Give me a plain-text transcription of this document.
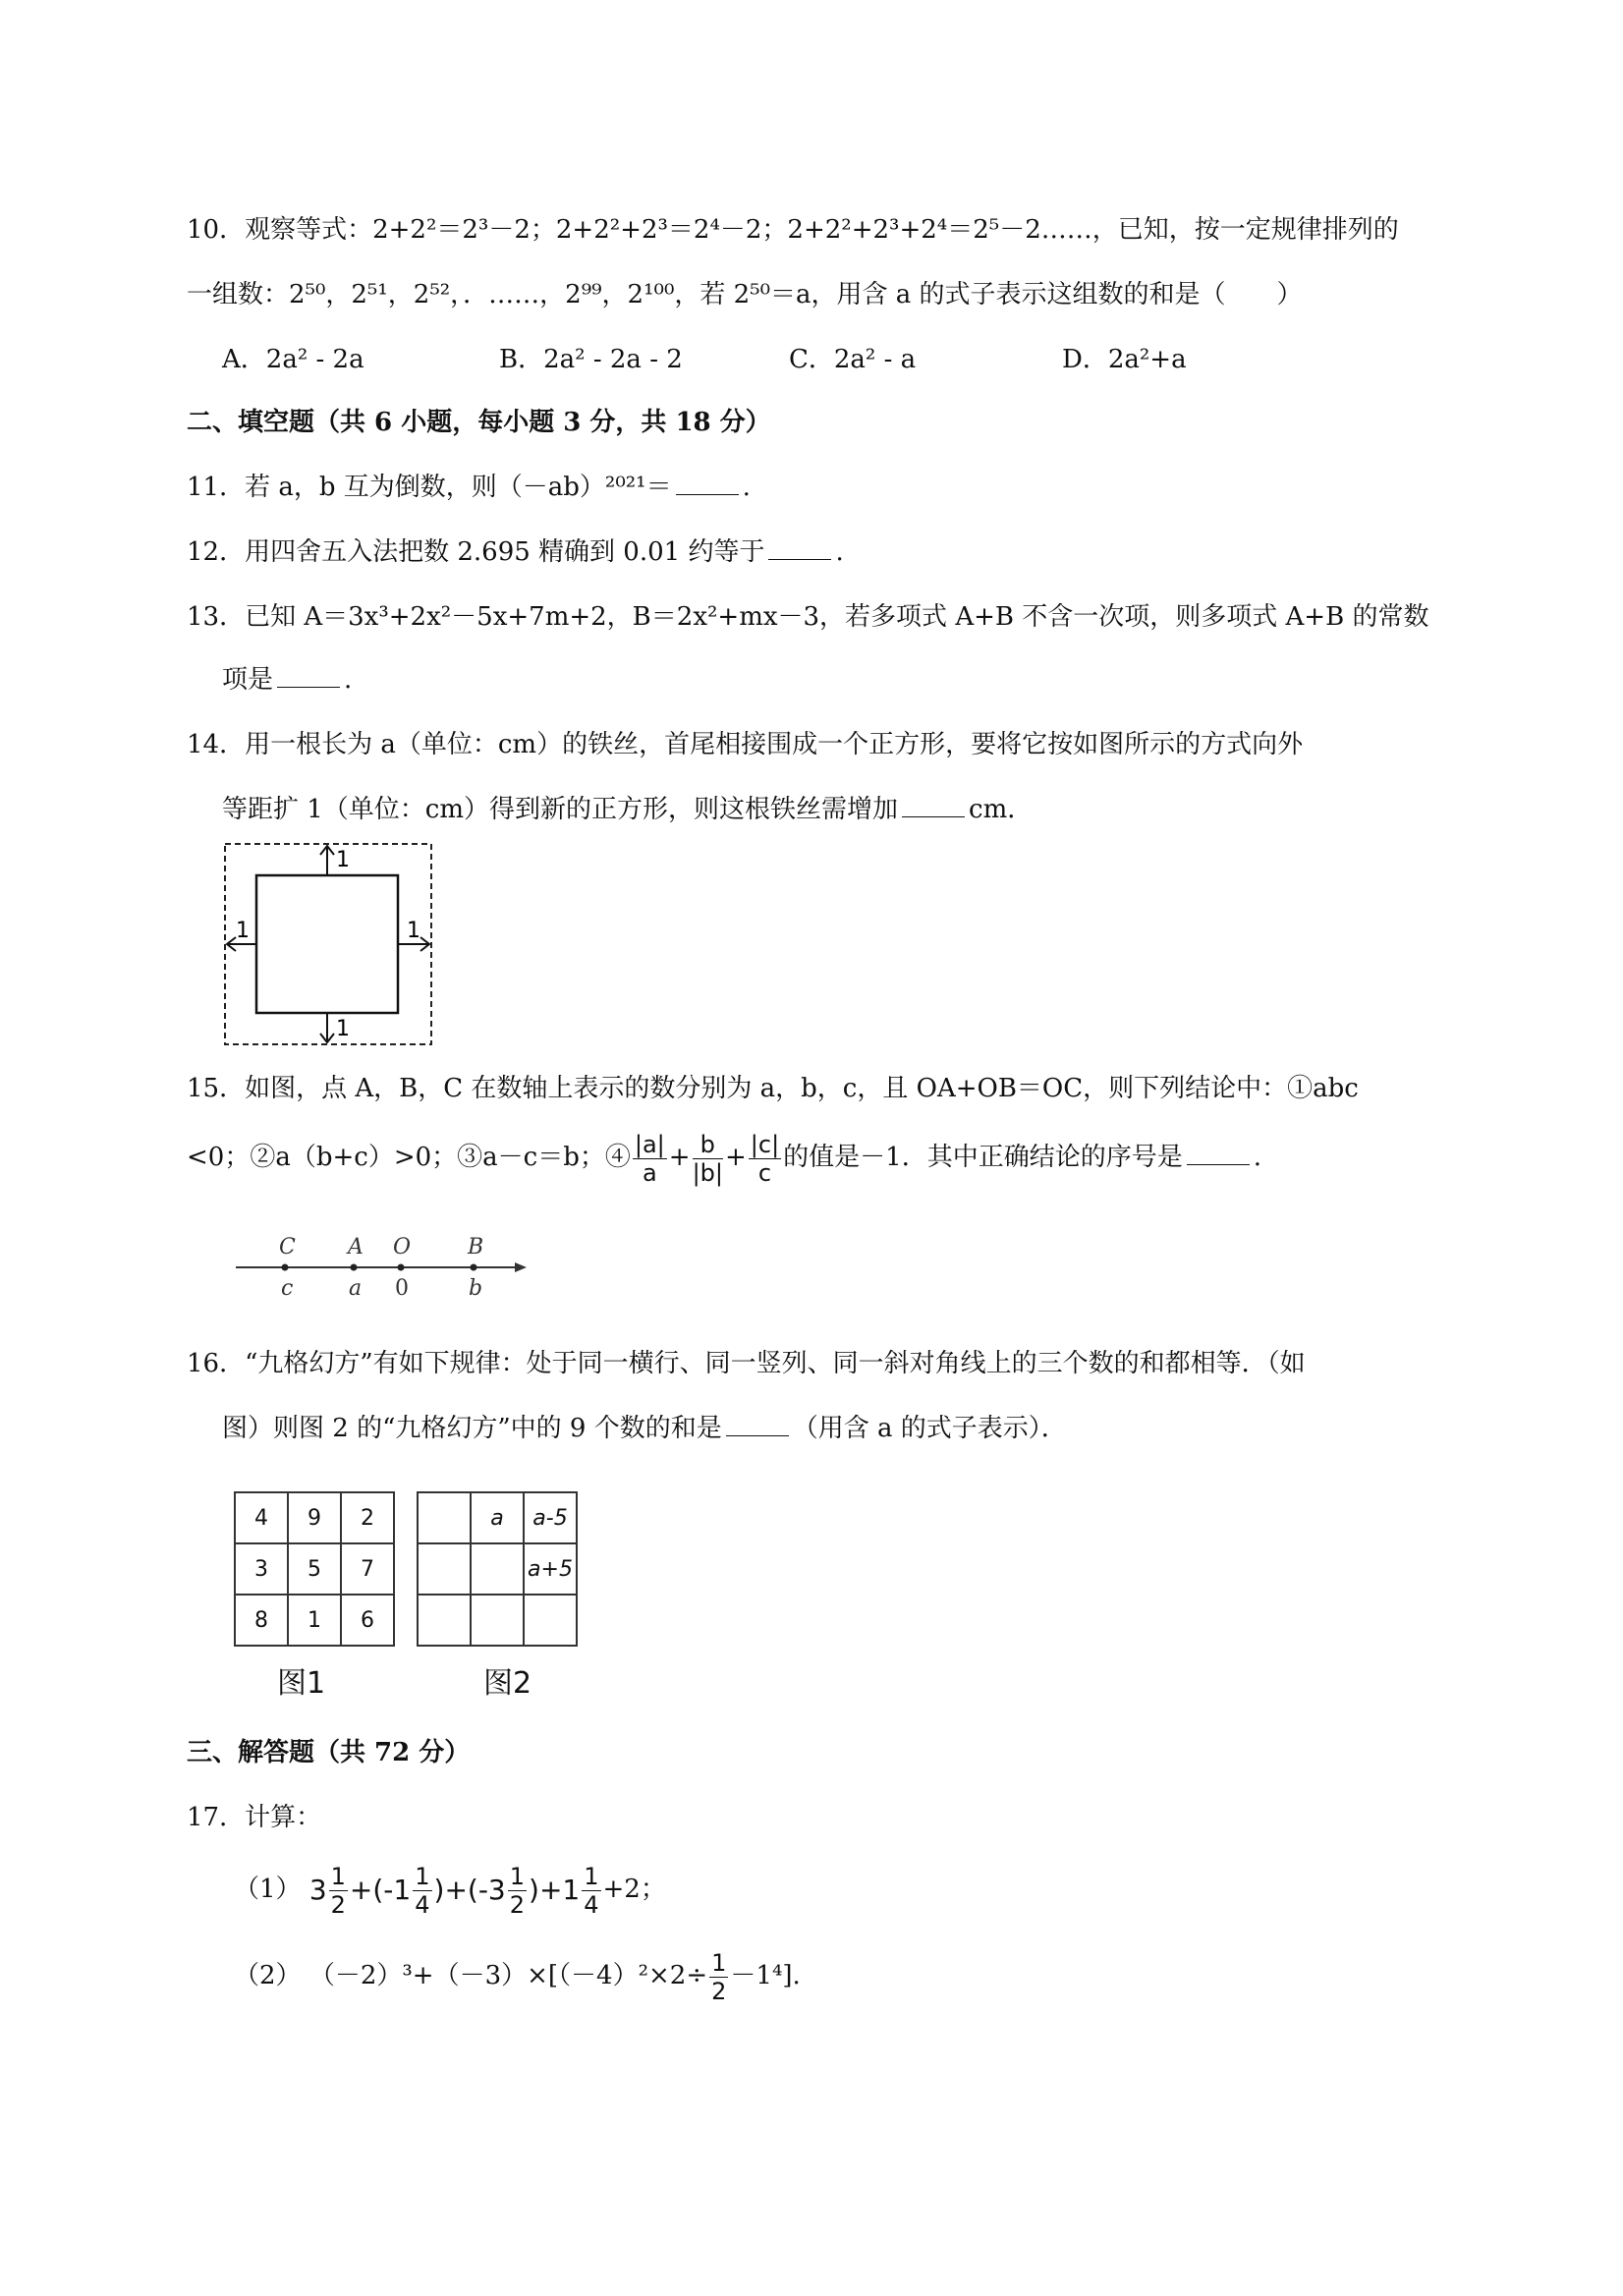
10．观察等式：2+2²＝2³－2；2+2²+2³＝2⁴－2；2+2²+2³+2⁴＝2⁵－2……，已知，按一定规律排列的
一组数：2⁵⁰，2⁵¹，2⁵²，．……，2⁹⁹，2¹⁰⁰，若 2⁵⁰＝a，用含 a 的式子表示这组数的和是（　　）
A．2a² - 2a	B．2a² - 2a - 2	C．2a² - a	D．2a²+a
二、填空题（共 6 小题，每小题 3 分，共 18 分）
11．若 a，b 互为倒数，则（－ab）²⁰²¹＝	.
12．用四舍五入法把数 2.695 精确到 0.01 约等于	.
13．已知 A＝3x³+2x²－5x+7m+2，B＝2x²+mx－3，若多项式 A+B 不含一次项，则多项式 A+B 的常数
项是	.
14．用一根长为 a（单位：cm）的铁丝，首尾相接围成一个正方形，要将它按如图所示的方式向外
等距扩 1（单位：cm）得到新的正方形，则这根铁丝需增加	cm．
1
1
1	1
15．如图，点 A，B，C 在数轴上表示的数分别为 a，b，c，且 OA+OB＝OC，则下列结论中：①abc
<0；②a（b+c）>0；③a－c＝b；④ $\frac{|a|}{a} + \frac{b}{|b|} + \frac{|c|}{c}$ 的值是－1．其中正确结论的序号是	.
C A O	B
c	a 0	b
16．“九格幻方”有如下规律：处于同一横行、同一竖列、同一斜对角线上的三个数的和都相等．（如
图）则图 2 的“九格幻方”中的 9 个数的和是	（用含 a 的式子表示）．
4	9	2
3	5	7
8	1	6
图1
	a	a-5
		a+5

图2
三、解答题（共 72 分）
17．计算：
（1） $3 \frac{1}{2} +(-1 \frac{1}{4} )+(-3 \frac{1}{2} )+1 \frac{1}{4} +2$；
（2） $(-2)^3+(-3)\times[(-4)^2\times 2\div \frac{1}{2} -1^4]$.
